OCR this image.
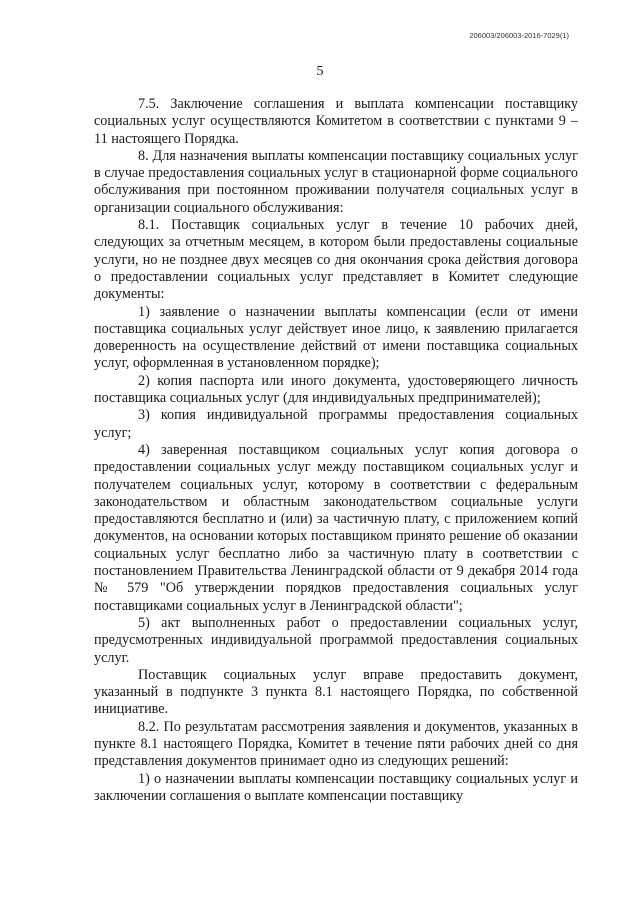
206003/206003-2016-7029(1)
5

7.5. Заключение соглашения и выплата компенсации поставщику социальных услуг осуществляются Комитетом в соответствии с пунктами 9 – 11 настоящего Порядка.

8. Для назначения выплаты компенсации поставщику социальных услуг в случае предоставления социальных услуг в стационарной форме социального обслуживания при постоянном проживании получателя социальных услуг в организации социального обслуживания:

8.1. Поставщик социальных услуг в течение 10 рабочих дней, следующих за отчетным месяцем, в котором были предоставлены социальные услуги, но не позднее двух месяцев со дня окончания срока действия договора о предоставлении социальных услуг представляет в Комитет следующие документы:

1) заявление о назначении выплаты компенсации (если от имени поставщика социальных услуг действует иное лицо, к заявлению прилагается доверенность на осуществление действий от имени поставщика социальных услуг, оформленная в установленном порядке);

2) копия паспорта или иного документа, удостоверяющего личность поставщика социальных услуг (для индивидуальных предпринимателей);

3) копия индивидуальной программы предоставления социальных услуг;

4) заверенная поставщиком социальных услуг копия договора о предоставлении социальных услуг между поставщиком социальных услуг и получателем социальных услуг, которому в соответствии с федеральным законодательством и областным законодательством социальные услуги предоставляются бесплатно и (или) за частичную плату, с приложением копий документов, на основании которых поставщиком принято решение об оказании социальных услуг бесплатно либо за частичную плату в соответствии с постановлением Правительства Ленинградской области от 9 декабря 2014 года № 579 "Об утверждении порядков предоставления социальных услуг поставщиками социальных услуг в Ленинградской области";

5) акт выполненных работ о предоставлении социальных услуг, предусмотренных индивидуальной программой предоставления социальных услуг.

Поставщик социальных услуг вправе предоставить документ, указанный в подпункте 3 пункта 8.1 настоящего Порядка, по собственной инициативе.

8.2. По результатам рассмотрения заявления и документов, указанных в пункте 8.1 настоящего Порядка, Комитет в течение пяти рабочих дней со дня представления документов принимает одно из следующих решений:

1) о назначении выплаты компенсации поставщику социальных услуг и заключении соглашения о выплате компенсации поставщику
